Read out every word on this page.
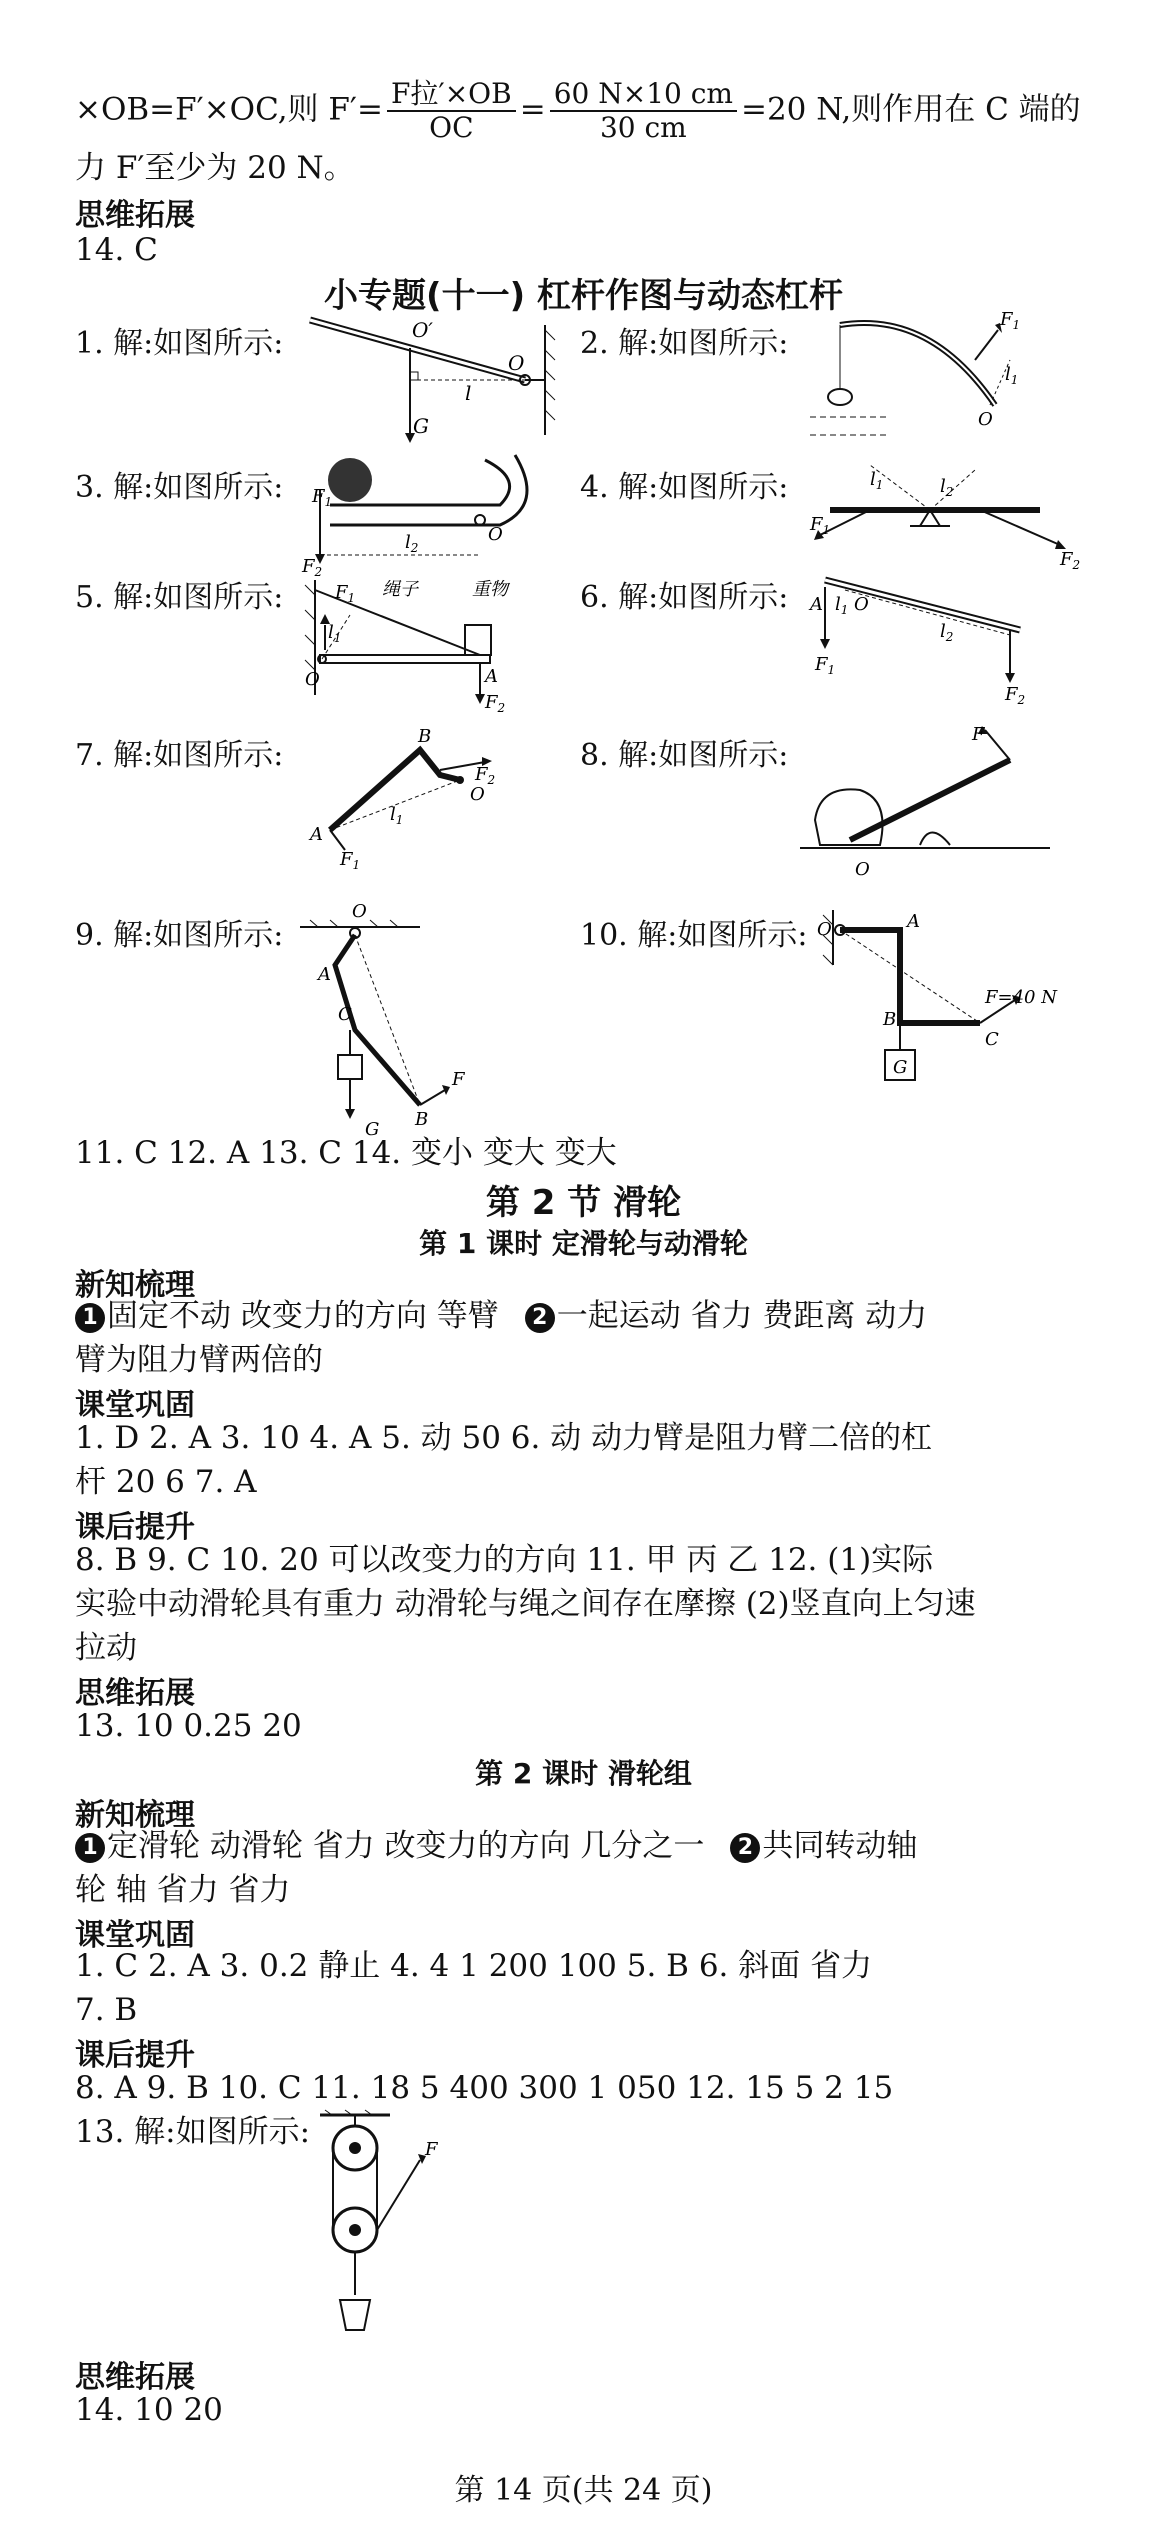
×OB=F′×OC,则 $F'= \frac{\text{F拉′×OB}}{OC} = \frac{60 N\times 10 cm}{30 cm} =20$ N,则作用在 C 端的
力 F′至少为 20 N。
思维拓展
14. C
小专题(十一) 杠杆作图与动态杠杆
1. 解:如图所示:	2. 解:如图所示:
3. 解:如图所示:	4. 解:如图所示:
5. 解:如图所示:	6. 解:如图所示:
7. 解:如图所示:	8. 解:如图所示:
9. 解:如图所示:	10. 解:如图所示:
O′
O
l
G
$F_1$
$l_1$
O
$F_1$
$l_2$
$F_2$
O
$l_1$	$l_2$
$F_1$
$F_2$
$F_1$
$l_1$
绳子	重物
A
O
$F_2$
A $l_1$ O
$l_2$
$F_1$
$F_2$
B
$F_2$
O
$l_1$
A
$F_1$
F
O
O
A
C
F
B
G
O	A
B
C
F=40 N
G
11. C 12. A 13. C 14. 变小 变大 变大
第 2 节 滑轮
第 1 课时 定滑轮与动滑轮
新知梳理
1 固定不动 改变力的方向 等臂 2 一起运动 省力 费距离 动力
臂为阻力臂两倍的
课堂巩固
1. D 2. A 3. 10 4. A 5. 动 50 6. 动 动力臂是阻力臂二倍的杠
杆 20 6 7. A
课后提升
8. B 9. C 10. 20 可以改变力的方向 11. 甲 丙 乙 12. (1)实际
实验中动滑轮具有重力 动滑轮与绳之间存在摩擦 (2)竖直向上匀速
拉动
思维拓展
13. 10 0.25 20
第 2 课时 滑轮组
新知梳理
1 定滑轮 动滑轮 省力 改变力的方向 几分之一 2 共同转动轴
轮 轴 省力 省力
课堂巩固
1. C 2. A 3. 0.2 静止 4. 4 1 200 100 5. B 6. 斜面 省力
7. B
课后提升
8. A 9. B 10. C 11. 18 5 400 300 1 050 12. 15 5 2 15
13. 解:如图所示:	F
思维拓展
14. 10 20
第 14 页(共 24 页)
